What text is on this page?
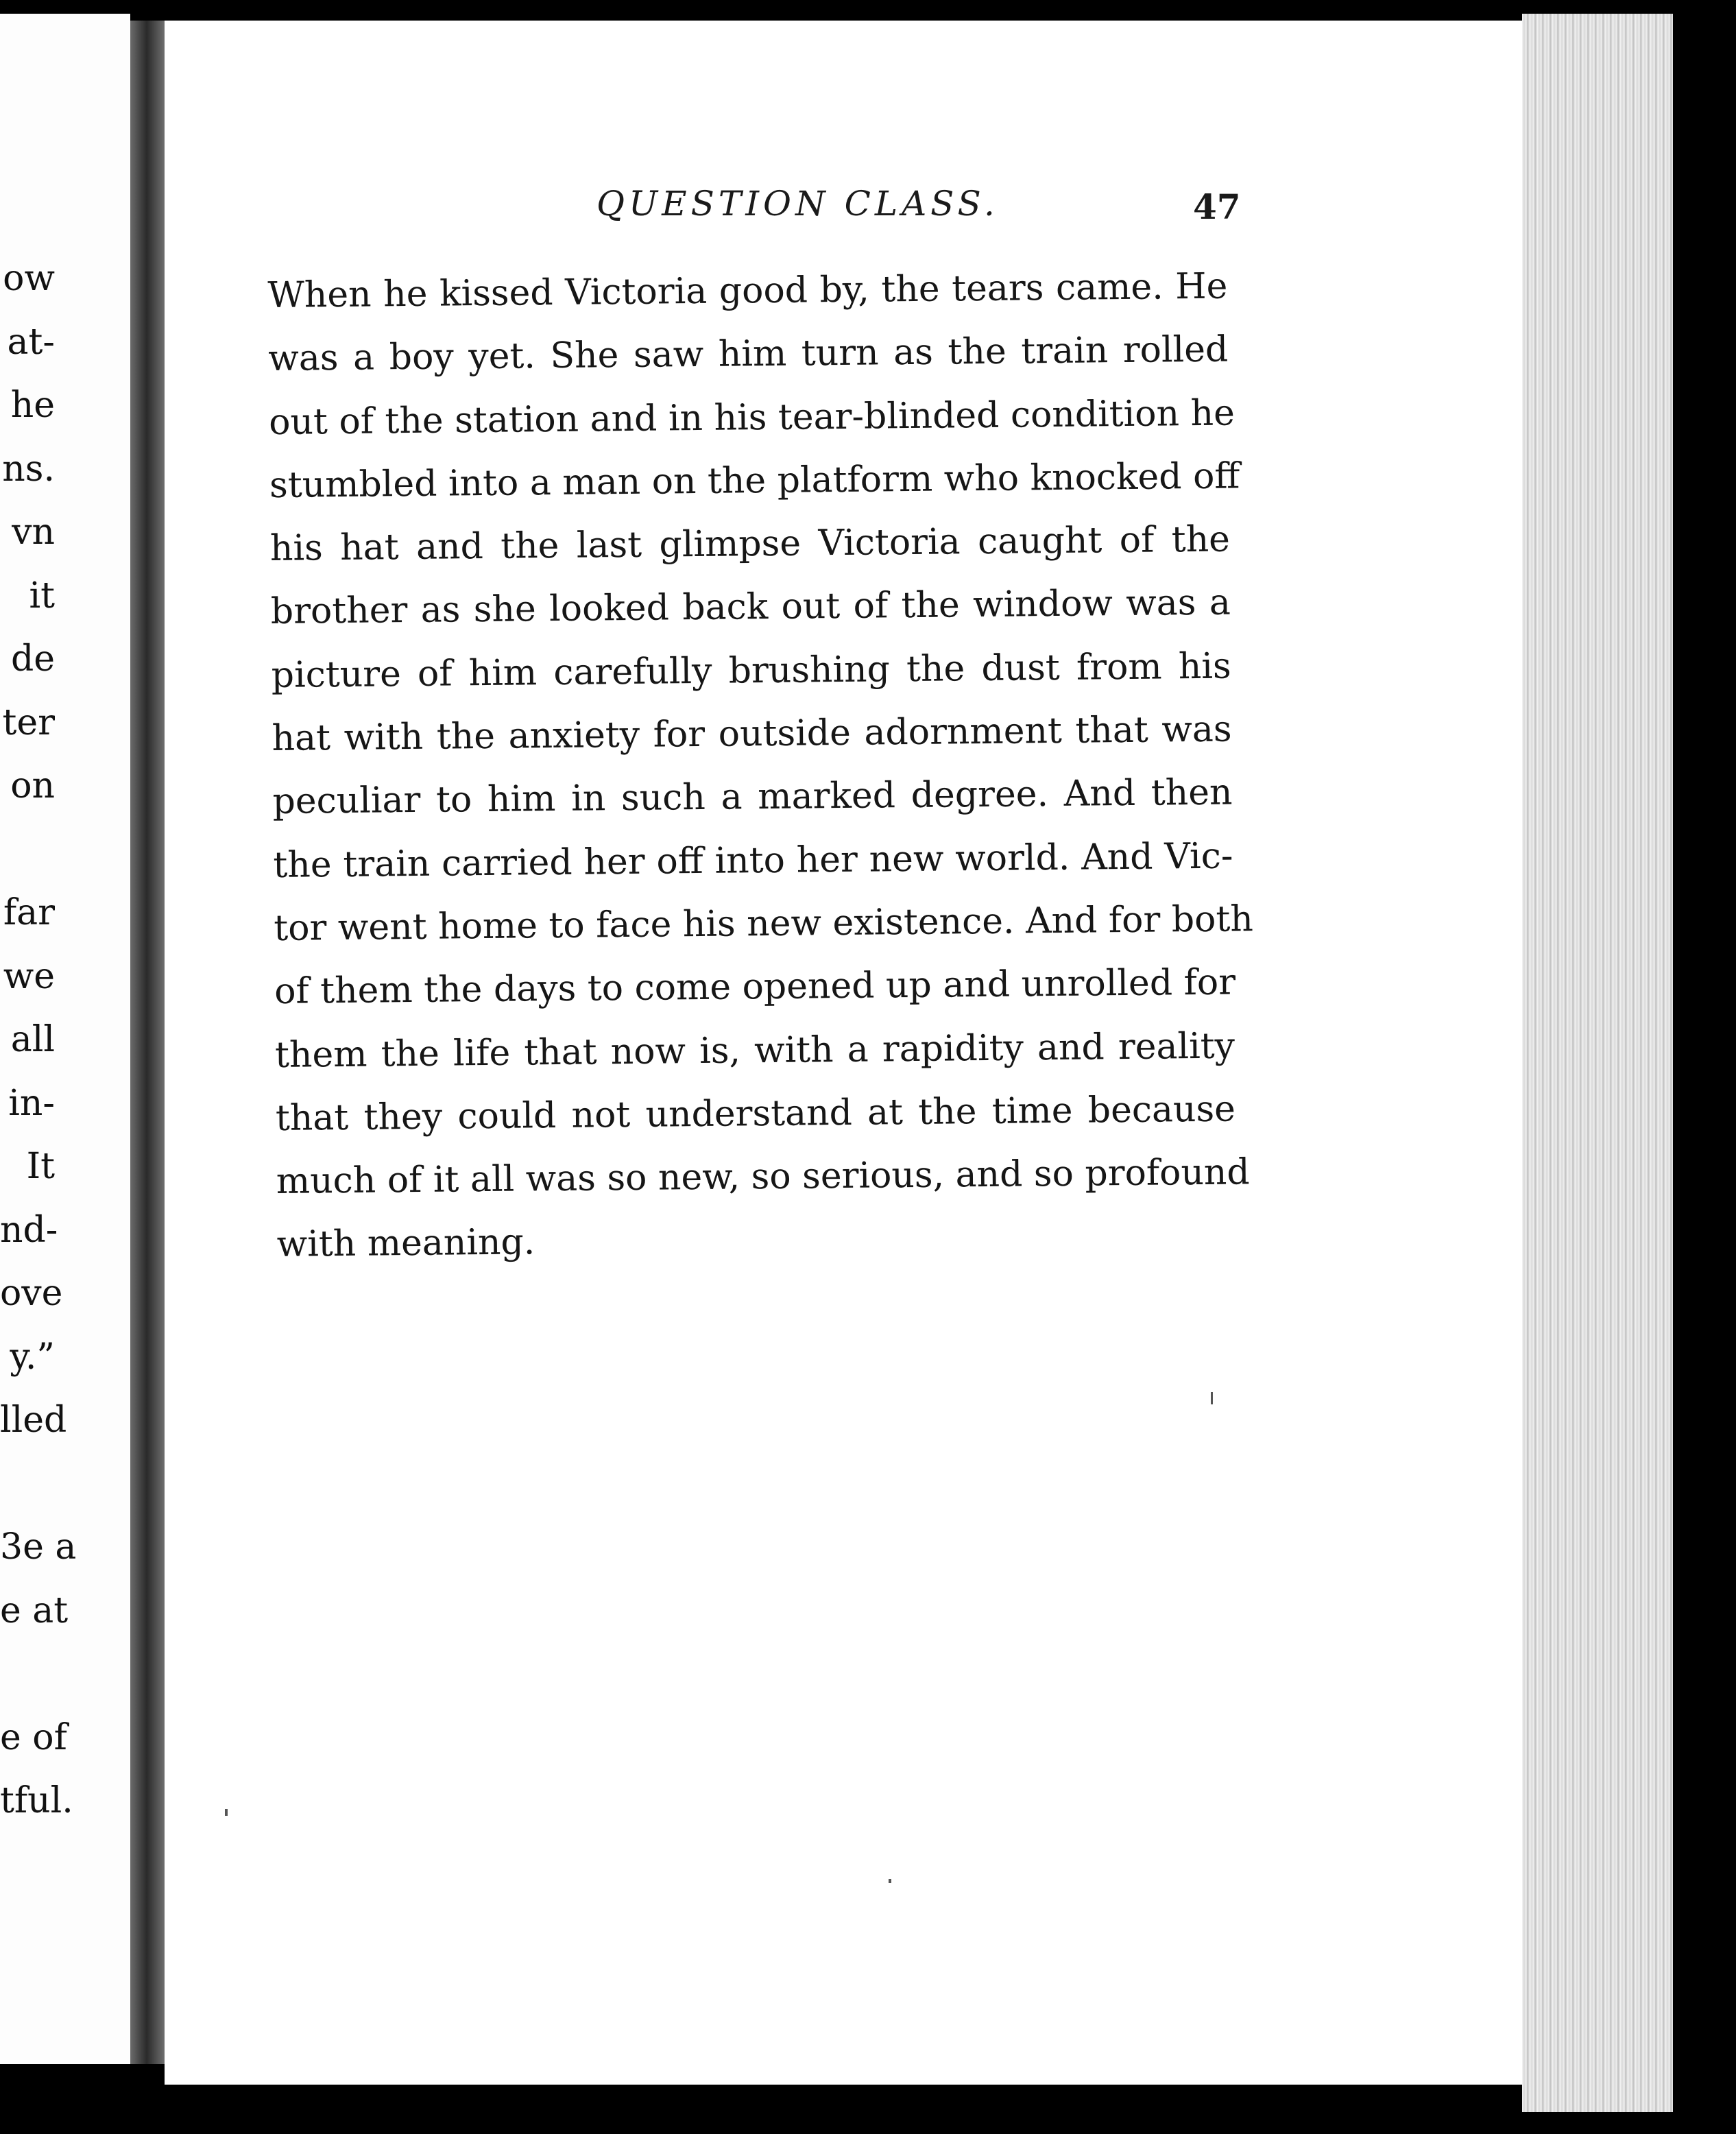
ow
at-
he
ns.
vn
it
de
ter
on
far
we
all
in-
It
nd-
ove
y.”
lled
3e a
e at
e of
tful.
QUESTION CLASS.	47
When he kissed Victoria good by, the tears came. He
was a boy yet. She saw him turn as the train rolled
out of the station and in his tear-blinded condition he
stumbled into a man on the platform who knocked off
his hat and the last glimpse Victoria caught of the
brother as she looked back out of the window was a
picture of him carefully brushing the dust from his
hat with the anxiety for outside adornment that was
peculiar to him in such a marked degree. And then
the train carried her off into her new world. And Vic-
tor went home to face his new existence. And for both
of them the days to come opened up and unrolled for
them the life that now is, with a rapidity and reality
that they could not understand at the time because
much of it all was so new, so serious, and so profound
with meaning.
